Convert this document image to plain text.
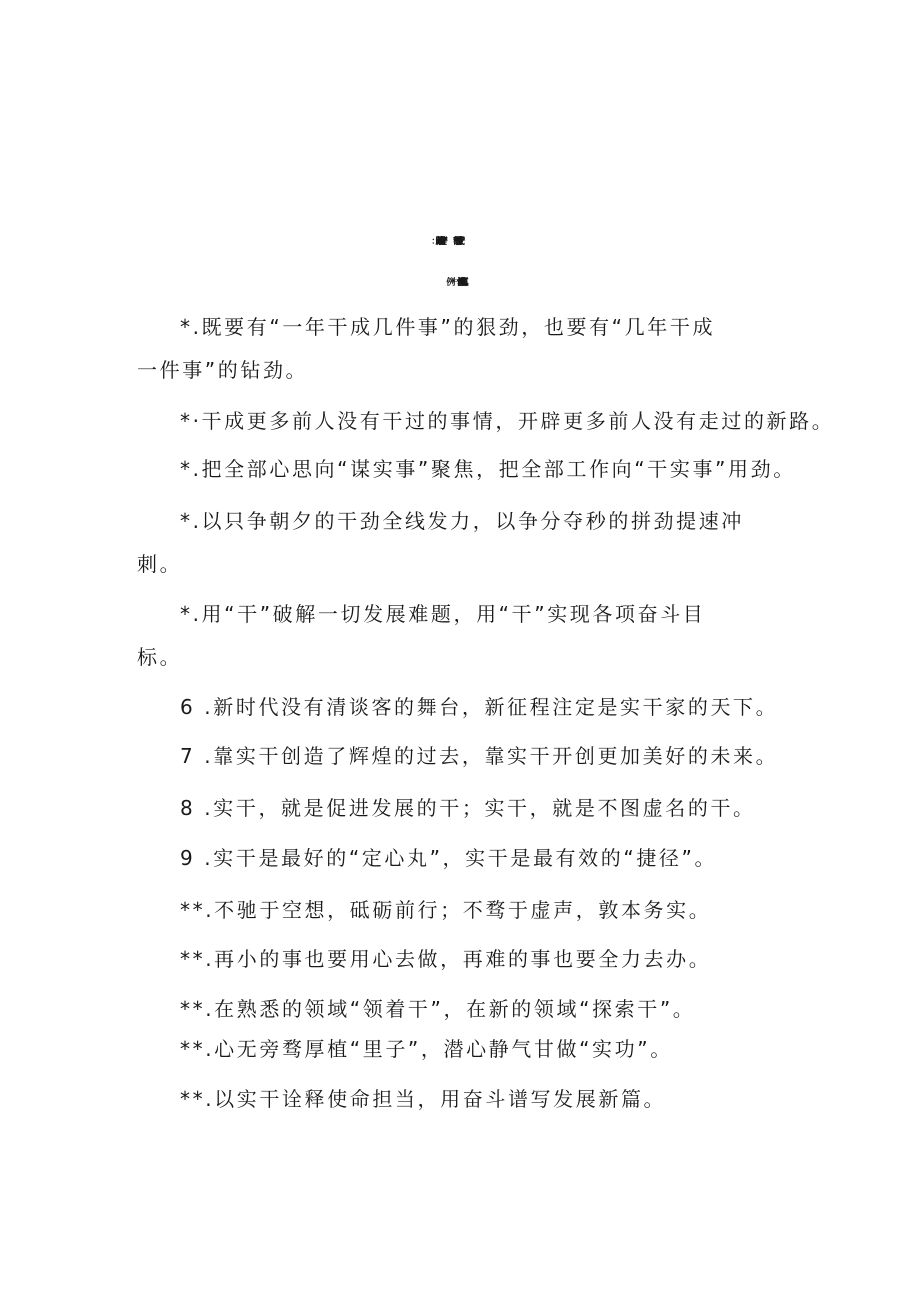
*.既要有“一年干成几件事”的狠劲，也要有“几年干成
一件事”的钻劲。
*·干成更多前人没有干过的事情，开辟更多前人没有走过的新路。
*.把全部心思向“谋实事”聚焦，把全部工作向“干实事”用劲。
*.以只争朝夕的干劲全线发力，以争分夺秒的拼劲提速冲
刺。
*.用“干”破解一切发展难题，用“干”实现各项奋斗目
标。
6 .新时代没有清谈客的舞台，新征程注定是实干家的天下。
7 .靠实干创造了辉煌的过去，靠实干开创更加美好的未来。
8 .实干，就是促进发展的干；实干，就是不图虚名的干。
9 .实干是最好的“定心丸”，实干是最有效的“捷径”。
**.不驰于空想，砥砺前行；不骛于虚声，敦本务实。
**.再小的事也要用心去做，再难的事也要全力去办。
**.在熟悉的领域“领着干”，在新的领域“探索干”。
**.心无旁骛厚植“里子”，潜心静气甘做“实功”。
**.以实干诠释使命担当，用奋斗谱写发展新篇。
